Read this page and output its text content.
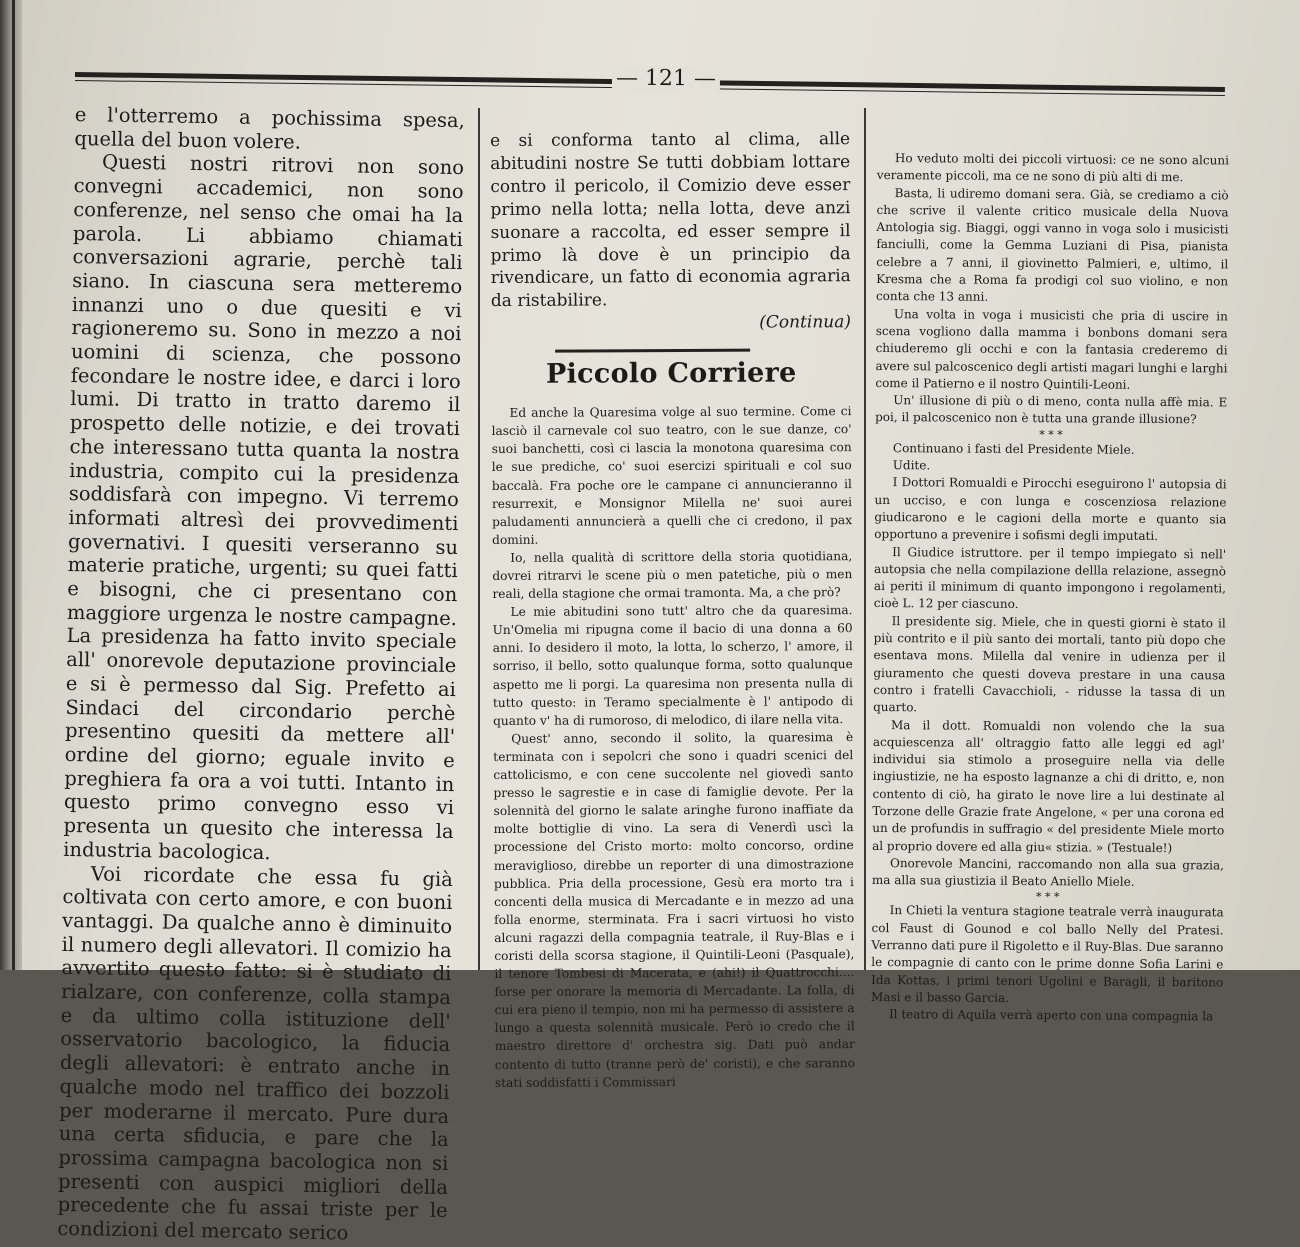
— 121 —

e l'otterremo a pochissima spesa, quella del buon volere.

Questi nostri ritrovi non sono convegni accademici, non sono conferenze, nel senso che omai ha la parola. Li abbiamo chiamati conversazioni agrarie, perchè tali siano. In ciascuna sera metteremo innanzi uno o due quesiti e vi ragioneremo su. Sono in mezzo a noi uomini di scienza, che possono fecondare le nostre idee, e darci i loro lumi. Di tratto in tratto daremo il prospetto delle notizie, e dei trovati che interessano tutta quanta la nostra industria, compito cui la presidenza soddisfarà con impegno. Vi terremo informati altresì dei provvedimenti governativi. I quesiti verseranno su materie pratiche, urgenti; su quei fatti e bisogni, che ci presentano con maggiore urgenza le nostre campagne. La presidenza ha fatto invito speciale all' onorevole deputazione provinciale e si è permesso dal Sig. Prefetto ai Sindaci del circondario perchè presentino quesiti da mettere all' ordine del giorno; eguale invito e preghiera fa ora a voi tutti. Intanto in questo primo convegno esso vi presenta un quesito che interessa la industria bacologica.

Voi ricordate che essa fu già coltivata con certo amore, e con buoni vantaggi. Da qualche anno è diminuito il numero degli allevatori. Il comizio ha avvertito questo fatto: si è studiato di rialzare, con conferenze, colla stampa e da ultimo colla istituzione dell' osservatorio bacologico, la fiducia degli allevatori: è entrato anche in qualche modo nel traffico dei bozzoli per moderarne il mercato. Pure dura una certa sfiducia, e pare che la prossima campagna bacologica non si presenti con auspici migliori della precedente che fu assai triste per le condizioni del mercato serico

e si conforma tanto al clima, alle abitudini nostre Se tutti dobbiam lottare contro il pericolo, il Comizio deve esser primo nella lotta; nella lotta, deve anzi suonare a raccolta, ed esser sempre il primo là dove è un principio da rivendicare, un fatto di economia agraria da ristabilire.

(Continua)

Piccolo Corriere

Ed anche la Quaresima volge al suo termine. Come ci lasciò il carnevale col suo teatro, con le sue danze, co' suoi banchetti, così ci lascia la monotona quaresima con le sue prediche, co' suoi esercizi spirituali e col suo baccalà. Fra poche ore le campane ci annuncieranno il resurrexit, e Monsignor Milella ne' suoi aurei paludamenti annuncierà a quelli che ci credono, il pax domini.

Io, nella qualità di scrittore della storia quotidiana, dovrei ritrarvi le scene più o men patetiche, più o men reali, della stagione che ormai tramonta. Ma, a che prò?

Le mie abitudini sono tutt' altro che da quaresima. Un'Omelia mi ripugna come il bacio di una donna a 60 anni. Io desidero il moto, la lotta, lo scherzo, l' amore, il sorriso, il bello, sotto qualunque forma, sotto qualunque aspetto me li porgi. La quaresima non presenta nulla di tutto questo: in Teramo specialmente è l' antipodo di quanto v' ha di rumoroso, di melodico, di ilare nella vita.

Quest' anno, secondo il solito, la quaresima è terminata con i sepolcri che sono i quadri scenici del cattolicismo, e con cene succolente nel giovedì santo presso le sagrestie e in case di famiglie devote. Per la solennità del giorno le salate aringhe furono inaffiate da molte bottiglie di vino. La sera di Venerdì uscì la processione del Cristo morto: molto concorso, ordine meraviglioso, direbbe un reporter di una dimostrazione pubblica. Pria della processione, Gesù era morto tra i concenti della musica di Mercadante e in mezzo ad una folla enorme, sterminata. Fra i sacri virtuosi ho visto alcuni ragazzi della compagnia teatrale, il Ruy-Blas e i coristi della scorsa stagione, il Quintili-Leoni (Pasquale), il tenore Tombesi di Macerata, e (ahi!) il Quattrocchi.... forse per onorare la memoria di Mercadante. La folla, di cui era pieno il tempio, non mi ha permesso di assistere a lungo a questa solennità musicale. Però io credo che il maestro direttore d' orchestra sig. Dati può andar contento di tutto (tranne però de' coristi), e che saranno stati soddisfatti i Commissari

Ho veduto molti dei piccoli virtuosi: ce ne sono alcuni veramente piccoli, ma ce ne sono di più alti di me.

Basta, li udiremo domani sera. Già, se crediamo a ciò che scrive il valente critico musicale della Nuova Antologia sig. Biaggi, oggi vanno in voga solo i musicisti fanciulli, come la Gemma Luziani di Pisa, pianista celebre a 7 anni, il giovinetto Palmieri, e, ultimo, il Kresma che a Roma fa prodigi col suo violino, e non conta che 13 anni.

Una volta in voga i musicisti che pria di uscire in scena vogliono dalla mamma i bonbons domani sera chiuderemo gli occhi e con la fantasia crederemo di avere sul palcoscenico degli artisti magari lunghi e larghi come il Patierno e il nostro Quintili-Leoni.

Un' illusione di più o di meno, conta nulla affè mia. E poi, il palcoscenico non è tutta una grande illusione?

* * *

Continuano i fasti del Presidente Miele.

Udite.

I Dottori Romualdi e Pirocchi eseguirono l' autopsia di un ucciso, e con lunga e coscenziosa relazione giudicarono e le cagioni della morte e quanto sia opportuno a prevenire i sofismi degli imputati.

Il Giudice istruttore. per il tempo impiegato sì nell' autopsia che nella compilazione dellla relazione, assegnò ai periti il minimum di quanto impongono i regolamenti, cioè L. 12 per ciascuno.

Il presidente sig. Miele, che in questi giorni è stato il più contrito e il più santo dei mortali, tanto più dopo che esentava mons. Milella dal venire in udienza per il giuramento che questi doveva prestare in una causa contro i fratelli Cavacchioli, - ridusse la tassa di un quarto.

Ma il dott. Romualdi non volendo che la sua acquiescenza all' oltraggio fatto alle leggi ed agl' individui sia stimolo a proseguire nella via delle ingiustizie, ne ha esposto lagnanze a chi di dritto, e, non contento di ciò, ha girato le nove lire a lui destinate al Torzone delle Grazie frate Angelone, « per una corona ed un de profundis in suffragio « del presidente Miele morto al proprio dovere ed alla giu« stizia. » (Testuale!)

Onorevole Mancini, raccomando non alla sua grazia, ma alla sua giustizia il Beato Aniello Miele.

* * *

In Chieti la ventura stagione teatrale verrà inaugurata col Faust di Gounod e col ballo Nelly del Pratesi. Verranno dati pure il Rigoletto e il Ruy-Blas. Due saranno le compagnie di canto con le prime donne Sofia Larini e Ida Kottas, i primi tenori Ugolini e Baragli, il baritono Masi e il basso Garcia.

Il teatro di Aquila verrà aperto con una compagnia la
